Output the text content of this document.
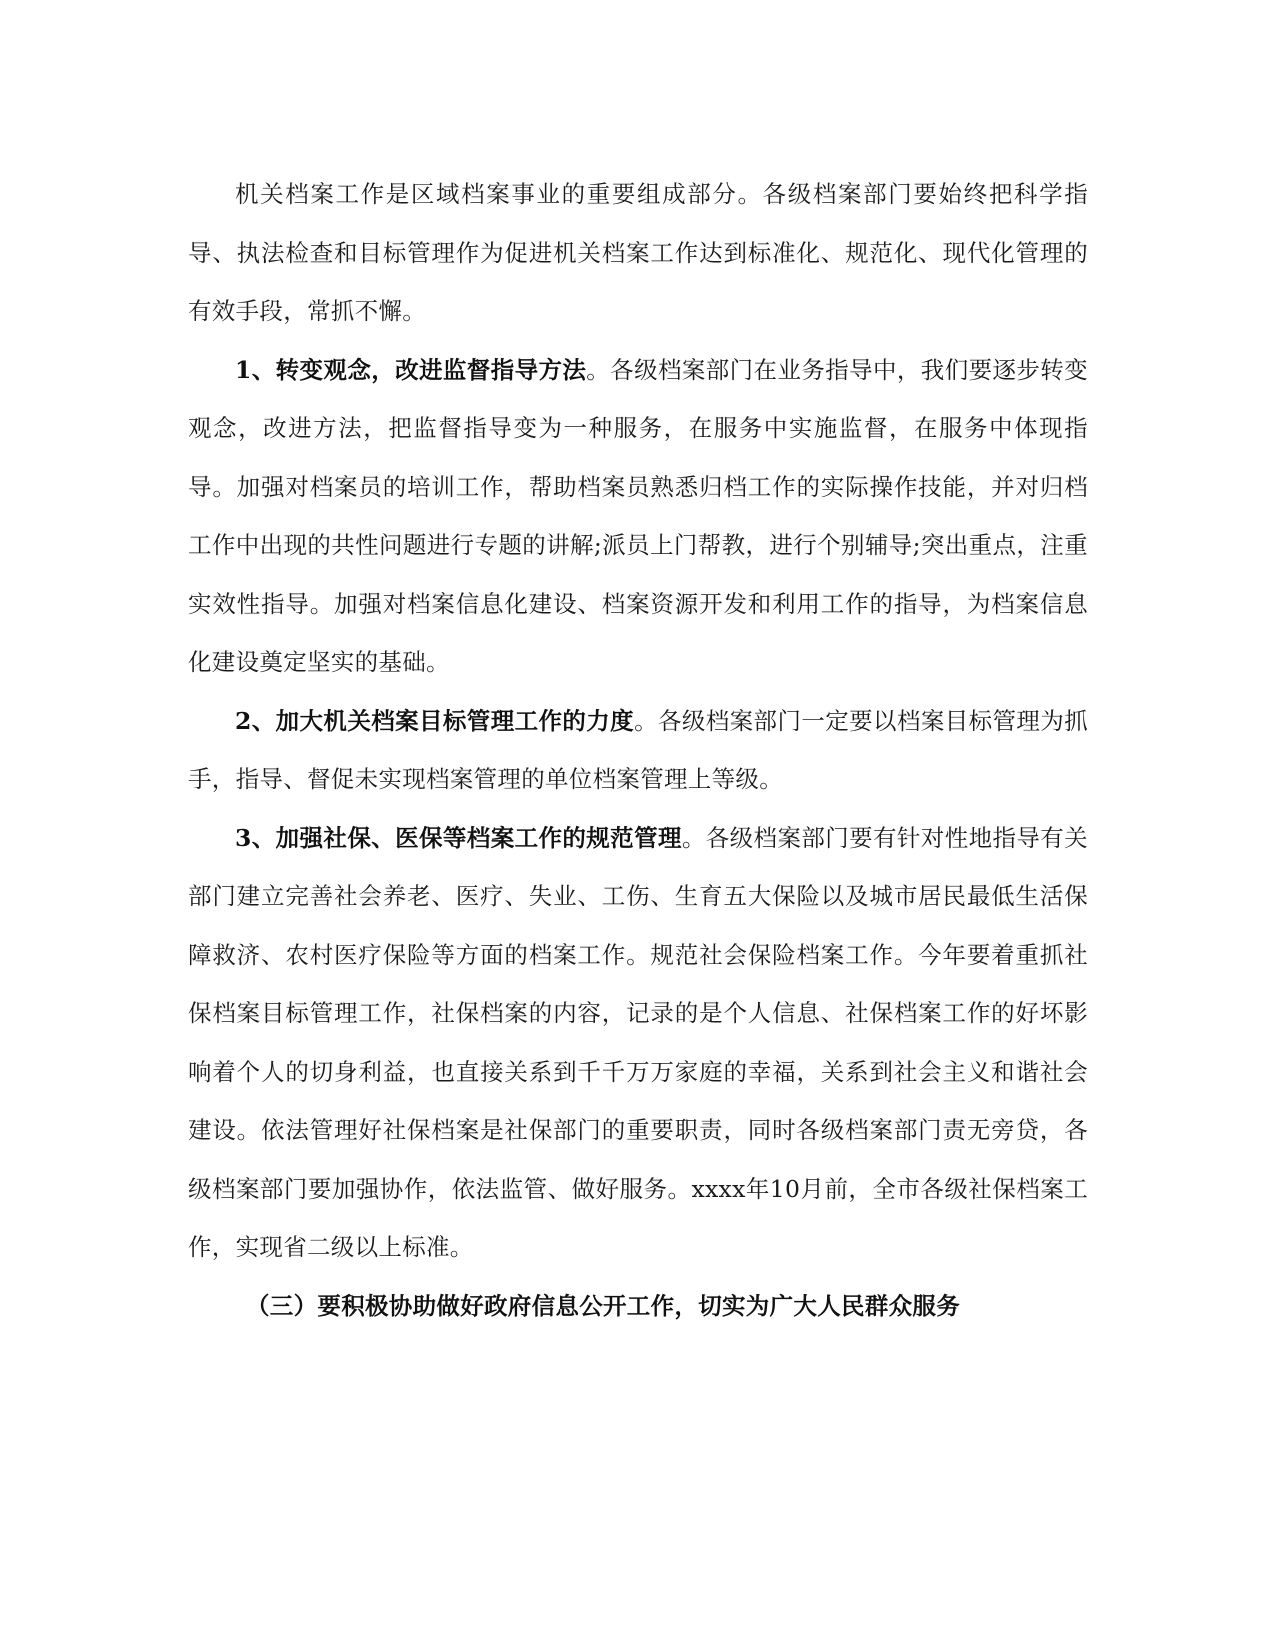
机关档案工作是区域档案事业的重要组成部分。各级档案部门要始终把科学指导、执法检查和目标管理作为促进机关档案工作达到标准化、规范化、现代化管理的有效手段，常抓不懈。

1、转变观念，改进监督指导方法。各级档案部门在业务指导中，我们要逐步转变观念，改进方法，把监督指导变为一种服务，在服务中实施监督，在服务中体现指导。加强对档案员的培训工作，帮助档案员熟悉归档工作的实际操作技能，并对归档工作中出现的共性问题进行专题的讲解;派员上门帮教，进行个别辅导;突出重点，注重实效性指导。加强对档案信息化建设、档案资源开发和利用工作的指导，为档案信息化建设奠定坚实的基础。

2、加大机关档案目标管理工作的力度。各级档案部门一定要以档案目标管理为抓手，指导、督促未实现档案管理的单位档案管理上等级。

3、加强社保、医保等档案工作的规范管理。各级档案部门要有针对性地指导有关部门建立完善社会养老、医疗、失业、工伤、生育五大保险以及城市居民最低生活保障救济、农村医疗保险等方面的档案工作。规范社会保险档案工作。今年要着重抓社保档案目标管理工作，社保档案的内容，记录的是个人信息、社保档案工作的好坏影响着个人的切身利益，也直接关系到千千万万家庭的幸福，关系到社会主义和谐社会建设。依法管理好社保档案是社保部门的重要职责，同时各级档案部门责无旁贷，各级档案部门要加强协作，依法监管、做好服务。xxxx年10月前，全市各级社保档案工作，实现省二级以上标准。

（三）要积极协助做好政府信息公开工作，切实为广大人民群众服务
